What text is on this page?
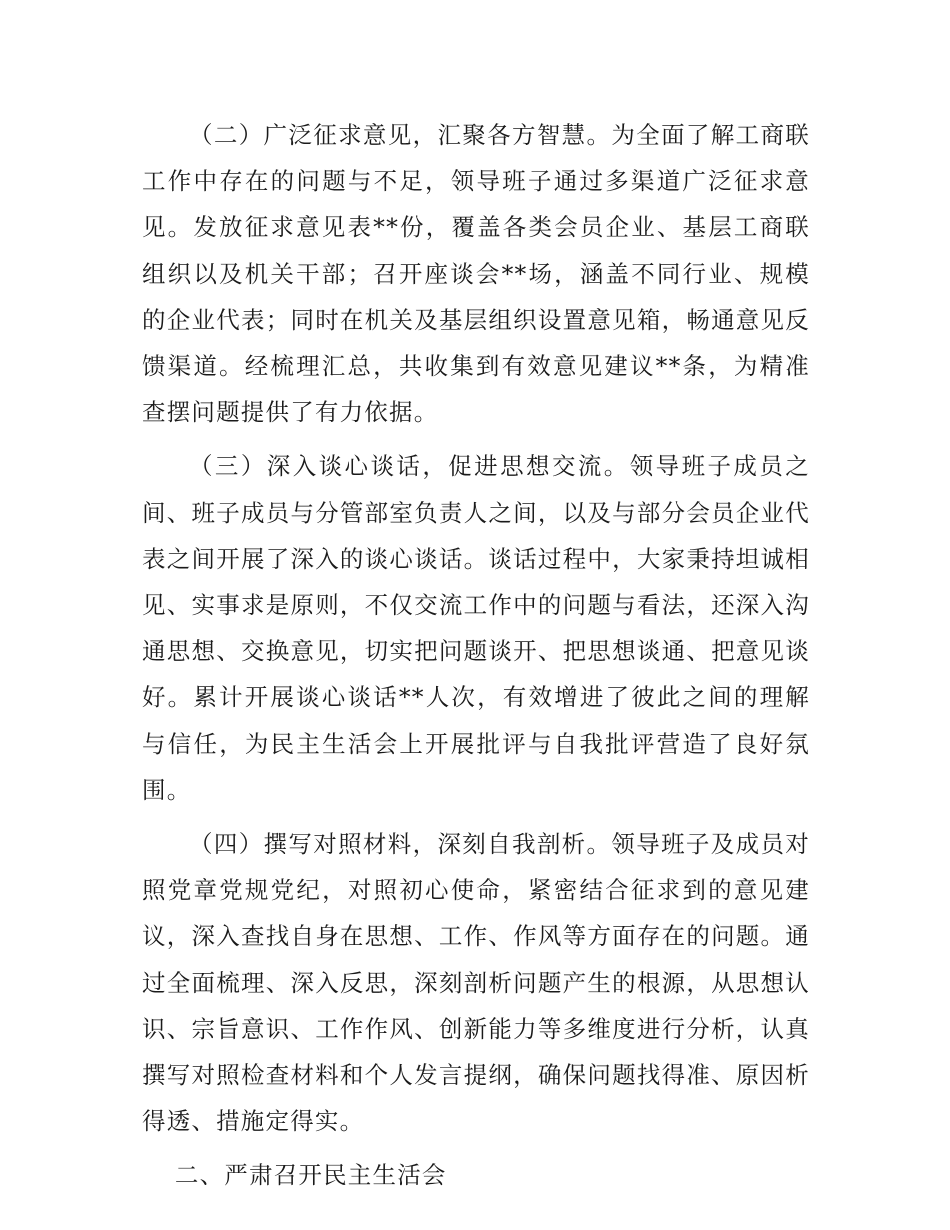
（二）广泛征求意见，汇聚各方智慧。为全面了解工商联工作中存在的问题与不足，领导班子通过多渠道广泛征求意见。发放征求意见表**份，覆盖各类会员企业、基层工商联组织以及机关干部；召开座谈会**场，涵盖不同行业、规模的企业代表；同时在机关及基层组织设置意见箱，畅通意见反馈渠道。经梳理汇总，共收集到有效意见建议**条，为精准查摆问题提供了有力依据。

（三）深入谈心谈话，促进思想交流。领导班子成员之间、班子成员与分管部室负责人之间，以及与部分会员企业代表之间开展了深入的谈心谈话。谈话过程中，大家秉持坦诚相见、实事求是原则，不仅交流工作中的问题与看法，还深入沟通思想、交换意见，切实把问题谈开、把思想谈通、把意见谈好。累计开展谈心谈话**人次，有效增进了彼此之间的理解与信任，为民主生活会上开展批评与自我批评营造了良好氛围。

（四）撰写对照材料，深刻自我剖析。领导班子及成员对照党章党规党纪，对照初心使命，紧密结合征求到的意见建议，深入查找自身在思想、工作、作风等方面存在的问题。通过全面梳理、深入反思，深刻剖析问题产生的根源，从思想认识、宗旨意识、工作作风、创新能力等多维度进行分析，认真撰写对照检查材料和个人发言提纲，确保问题找得准、原因析得透、措施定得实。

二、严肃召开民主生活会
